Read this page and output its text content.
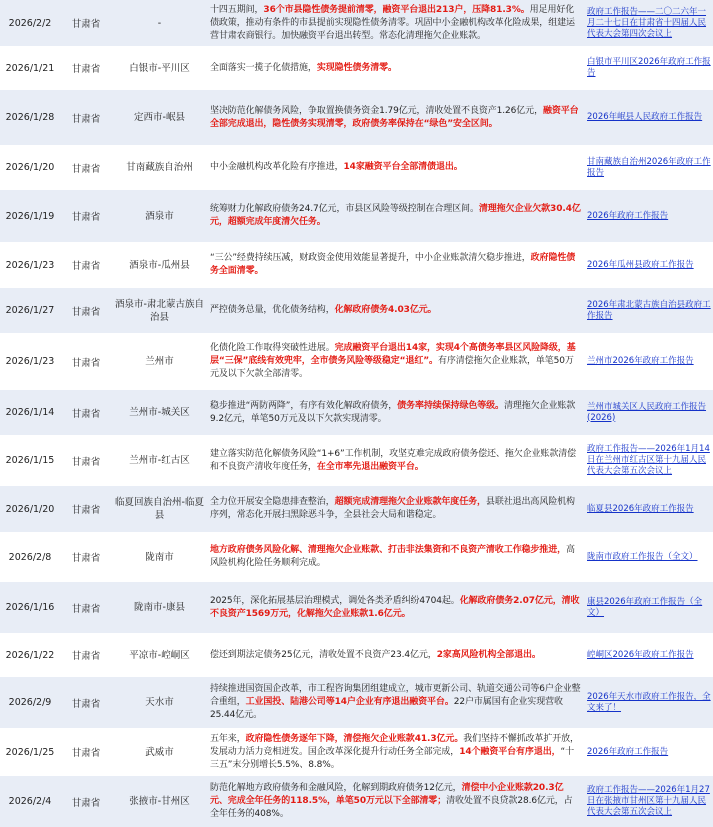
2026/2/2	甘肃省	-	十四五期间，36个市县隐性债务提前清零，融资平台退出213户，压降81.3%。用足用好化债政策，推动有条件的市县提前实现隐性债务清零。巩固中小金融机构改革化险成果，组建运营甘肃农商银行。加快融资平台退出转型。常态化清理拖欠企业账款。	政府工作报告——二〇二六年一月二十七日在甘肃省十四届人民代表大会第四次会议上
2026/1/21	甘肃省	白银市-平川区	全面落实一揽子化债措施，实现隐性债务清零。	白银市平川区2026年政府工作报告
2026/1/28	甘肃省	定西市-岷县	坚决防范化解债务风险，争取置换债务资金1.79亿元，清收处置不良资产1.26亿元，融资平台全部完成退出，隐性债务实现清零，政府债务率保持在“绿色”安全区间。	2026年岷县人民政府工作报告
2026/1/20	甘肃省	甘南藏族自治州	中小金融机构改革化险有序推进，14家融资平台全部清债退出。	甘南藏族自治州2026年政府工作报告
2026/1/19	甘肃省	酒泉市	统筹财力化解政府债务24.7亿元，市县区风险等级控制在合理区间。清理拖欠企业欠款30.4亿元，超额完成年度清欠任务。	2026年政府工作报告
2026/1/23	甘肃省	酒泉市-瓜州县	“三公”经费持续压减，财政资金使用效能显著提升，中小企业账款清欠稳步推进，政府隐性债务全面清零。	2026年瓜州县政府工作报告
2026/1/27	甘肃省	酒泉市-肃北蒙古族自治县	严控债务总量，优化债务结构，化解政府债务4.03亿元。	2026年肃北蒙古族自治县政府工作报告
2026/1/23	甘肃省	兰州市	化债化险工作取得突破性进展。完成融资平台退出14家，实现4个高债务率县区风险降级，基层“三保”底线有效兜牢，全市债务风险等级稳定“退红”。有序清偿拖欠企业账款，单笔50万元及以下欠款全部清零。	兰州市2026年政府工作报告
2026/1/14	甘肃省	兰州市-城关区	稳步推进“两防两降”，有序有效化解政府债务，债务率持续保持绿色等级。清理拖欠企业账款9.2亿元，单笔50万元及以下欠款实现清零。	兰州市城关区人民政府工作报告(2026)
2026/1/15	甘肃省	兰州市-红古区	建立落实防范化解债务风险“1+6”工作机制，攻坚克难完成政府债务偿还、拖欠企业账款清偿和不良资产清收年度任务，在全市率先退出融资平台。	政府工作报告——2026年1月14日在兰州市红古区第十九届人民代表大会第五次会议上
2026/1/20	甘肃省	临夏回族自治州-临夏县	全力位开展安全隐患排查整治，超额完成清理拖欠企业账款年度任务，县联社退出高风险机构序列，常态化开展扫黑除恶斗争，全县社会大局和谐稳定。	临夏县2026年政府工作报告
2026/2/8	甘肃省	陇南市	地方政府债务风险化解、清理拖欠企业账款、打击非法集资和不良资产清收工作稳步推进，高风险机构化险任务顺利完成。	陇南市政府工作报告（全文）
2026/1/16	甘肃省	陇南市-康县	2025年，深化拓展基层治理模式，调处各类矛盾纠纷4704起。化解政府债务2.07亿元，清收不良资产1569万元，化解拖欠企业账款1.6亿元。	康县2026年政府工作报告（全文）
2026/1/22	甘肃省	平凉市-崆峒区	偿还到期法定债务25亿元，清收处置不良资产23.4亿元，2家高风险机构全部退出。	崆峒区2026年政府工作报告
2026/2/9	甘肃省	天水市	持续推进国资国企改革，市工程咨询集团组建成立，城市更新公司、轨道交通公司等6户企业整合重组，工业国投、陆港公司等14户企业有序退出融资平台。22户市属国有企业实现营收25.44亿元。	2026年天水市政府工作报告，全文来了！
2026/1/25	甘肃省	武威市	五年来，政府隐性债务逐年下降，清偿拖欠企业账款41.3亿元。我们坚持不懈抓改革扩开放，发展动力活力竞相迸发。国企改革深化提升行动任务全部完成，14个融资平台有序退出，“十三五”末分别增长5.5%、8.8%。	2026年政府工作报告
2026/2/4	甘肃省	张掖市-甘州区	防范化解地方政府债务和金融风险，化解到期政府债务12亿元，清偿中小企业账款20.3亿元、完成全年任务的118.5%，单笔50万元以下全部清零；清收处置不良贷款28.6亿元，占全年任务的408%。	政府工作报告——2026年1月27日在张掖市甘州区第十九届人民代表大会第五次会议上
